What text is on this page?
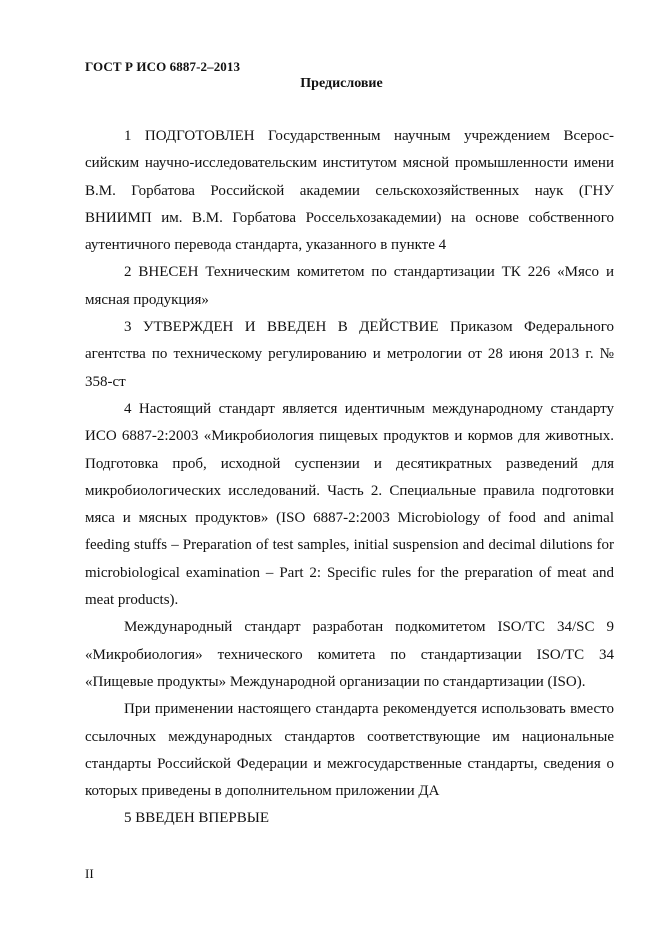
ГОСТ Р ИСО 6887-2–2013
Предисловие

1 ПОДГОТОВЛЕН Государственным научным учреждением Всероссийским научно-исследовательским институтом мясной промышленности имени В.М. Горбатова Российской академии сельскохозяйственных наук (ГНУ ВНИИМП им. В.М. Горбатова Россельхозакадемии) на основе собственного аутентичного перевода стандарта, указанного в пункте 4

2 ВНЕСЕН Техническим комитетом по стандартизации ТК 226 «Мясо и мясная продукция»

3 УТВЕРЖДЕН И ВВЕДЕН В ДЕЙСТВИЕ Приказом Федерального агентства по техническому регулированию и метрологии от 28 июня 2013 г. № 358-ст

4 Настоящий стандарт является идентичным международному стандарту ИСО 6887-2:2003 «Микробиология пищевых продуктов и кормов для животных. Подготовка проб, исходной суспензии и десятикратных разведений для микробиологических исследований. Часть 2. Специальные правила подготовки мяса и мясных продуктов» (ISO 6887-2:2003 Microbiology of food and animal feeding stuffs – Preparation of test samples, initial suspension and decimal dilutions for microbiological examination – Part 2: Specific rules for the preparation of meat and meat products).

Международный стандарт разработан подкомитетом ISO/TC 34/SC 9 «Микробиология» технического комитета по стандартизации ISO/TC 34 «Пищевые продукты» Международной организации по стандартизации (ISO).

При применении настоящего стандарта рекомендуется использовать вместо ссылочных международных стандартов соответствующие им национальные стандарты Российской Федерации и межгосударственные стандарты, сведения о которых приведены в дополнительном приложении ДА

5 ВВЕДЕН ВПЕРВЫЕ

II
